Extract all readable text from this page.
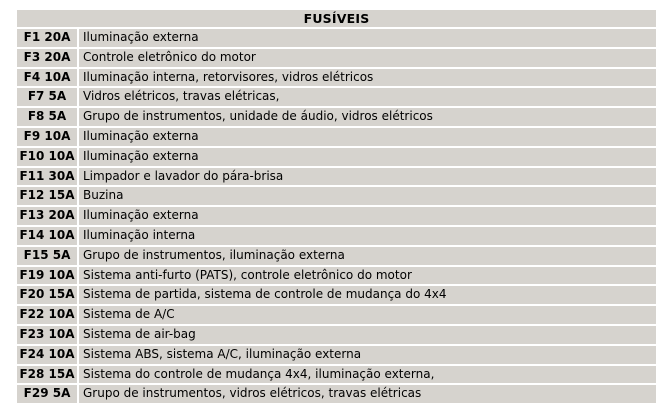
FUSÍVEIS	
F1 20A	Iluminação externa
F3 20A	Controle eletrônico do motor
F4 10A	Iluminação interna, retorvisores, vidros elétricos
F7 5A	Vidros elétricos, travas elétricas,
F8 5A	Grupo de instrumentos, unidade de áudio, vidros elétricos
F9 10A	Iluminação externa
F10 10A	Iluminação externa
F11 30A	Limpador e lavador do pára-brisa
F12 15A	Buzina
F13 20A	Iluminação externa
F14 10A	Iluminação interna
F15 5A	Grupo de instrumentos, iluminação externa
F19 10A	Sistema anti-furto (PATS), controle eletrônico do motor
F20 15A	Sistema de partida, sistema de controle de mudança do 4x4
F22 10A	Sistema de A/C
F23 10A	Sistema de air-bag
F24 10A	Sistema ABS, sistema A/C, iluminação externa
F28 15A	Sistema do controle de mudança 4x4, iluminação externa,
F29 5A	Grupo de instrumentos, vidros elétricos, travas elétricas
